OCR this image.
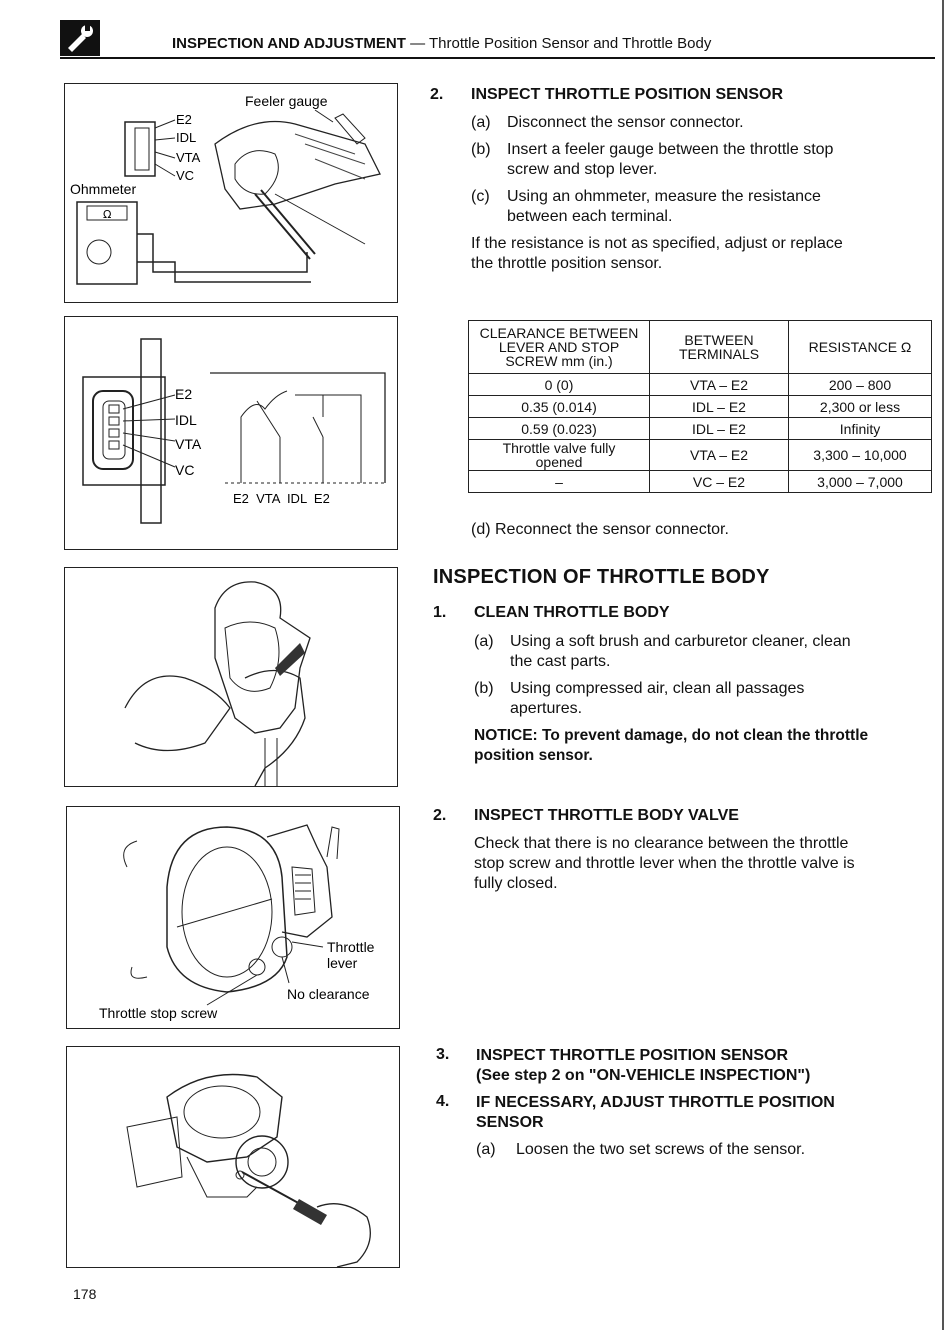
INSPECTION AND ADJUSTMENT — Throttle Position Sensor and Throttle Body
Feeler gauge
Ohmmeter
E2
IDL
VTA
VC
Ω
E2
IDL
VTA
VC
E2  VTA  IDL  E2
Throttle
lever
No clearance
Throttle stop screw
2. INSPECT THROTTLE POSITION SENSOR
(a) Disconnect the sensor connector.
(b) Insert a feeler gauge between the throttle stop
screw and stop lever.
(c) Using an ohmmeter, measure the resistance
between each terminal.
If the resistance is not as specified, adjust or replace
the throttle position sensor.
CLEARANCE BETWEEN
LEVER AND STOP
SCREW mm (in.)	BETWEEN
TERMINALS	RESISTANCE Ω
0 (0)	VTA – E2	200 – 800
0.35 (0.014)	IDL – E2	2,300 or less
0.59 (0.023)	IDL – E2	Infinity
Throttle valve fully
opened	VTA – E2	3,300 – 10,000
–	VC – E2	3,000 – 7,000
(d) Reconnect the sensor connector.
INSPECTION OF THROTTLE BODY
1. CLEAN THROTTLE BODY
(a) Using a soft brush and carburetor cleaner, clean
the cast parts.
(b) Using compressed air, clean all passages
apertures.
NOTICE: To prevent damage, do not clean the throttle
position sensor.
2. INSPECT THROTTLE BODY VALVE
Check that there is no clearance between the throttle
stop screw and throttle lever when the throttle valve is
fully closed.
3. INSPECT THROTTLE POSITION SENSOR
(See step 2 on "ON-VEHICLE INSPECTION")
4. IF NECESSARY, ADJUST THROTTLE POSITION
SENSOR
(a) Loosen the two set screws of the sensor.
178
